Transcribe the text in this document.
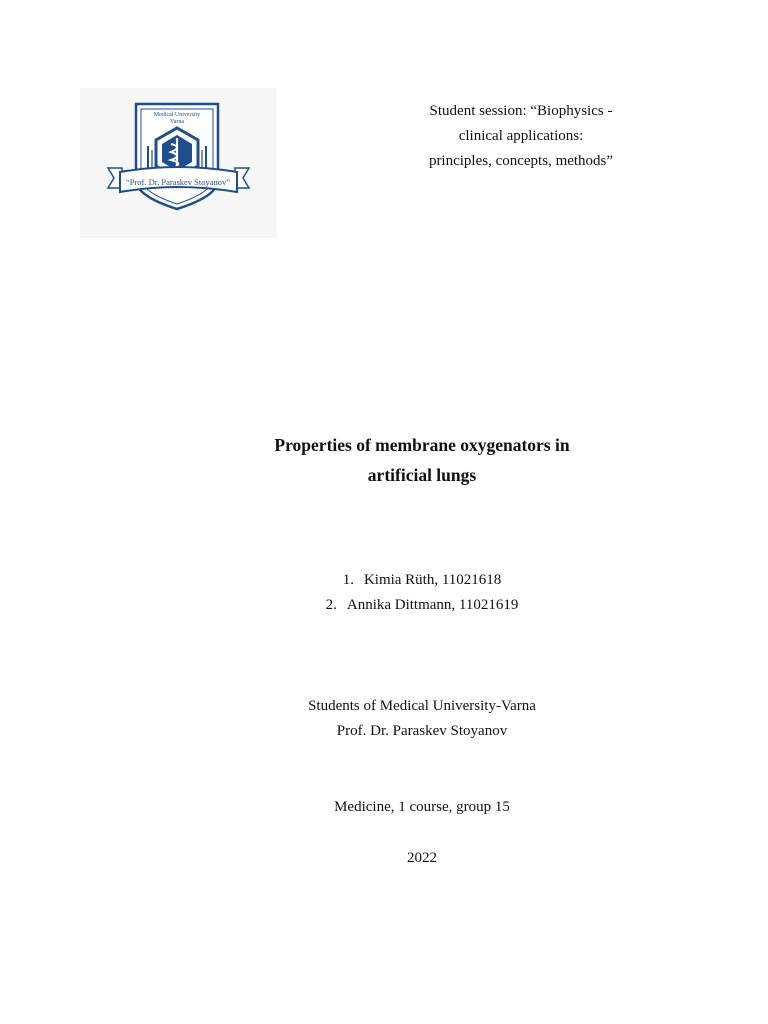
Medical University
Varna
“Prof. Dr. Paraskev Stoyanov”
Student session: “Biophysics -
clinical applications:
principles, concepts, methods”
Properties of membrane oxygenators in
artificial lungs
1. Kimia Rüth, 11021618
2. Annika Dittmann, 11021619
Students of Medical University-Varna
Prof. Dr. Paraskev Stoyanov
Medicine, 1 course, group 15
2022
